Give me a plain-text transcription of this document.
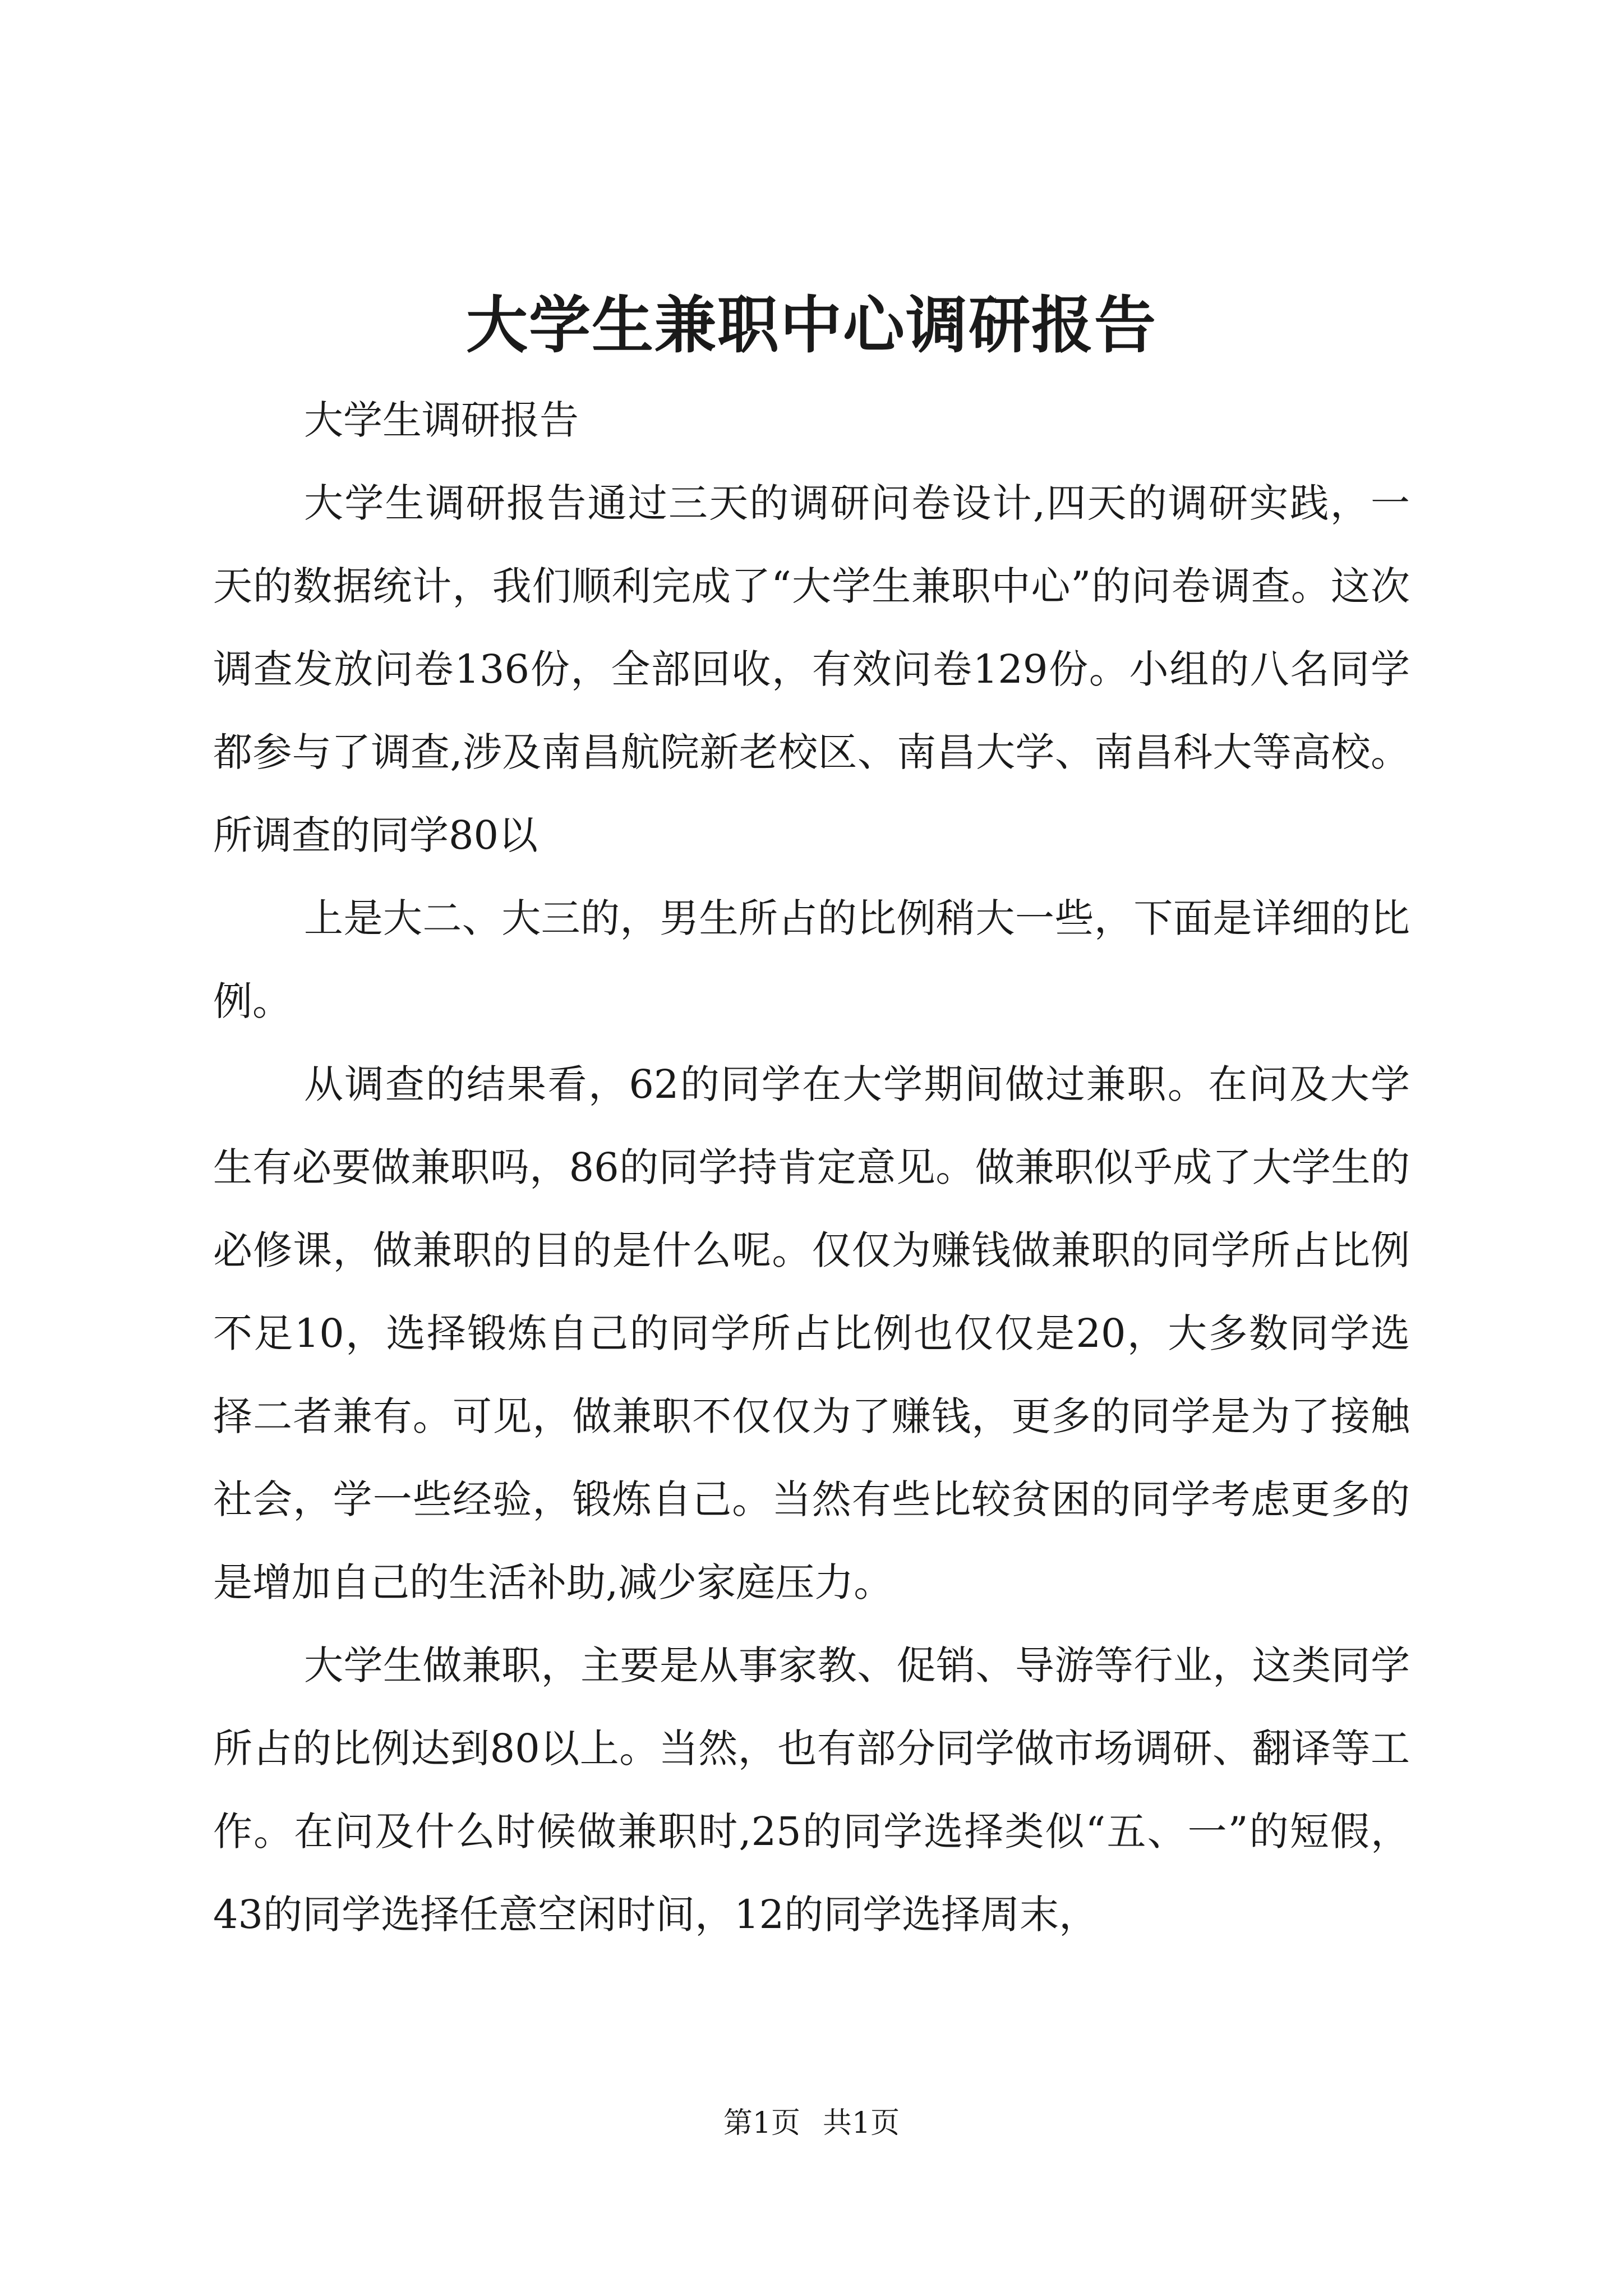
大学生兼职中心调研报告

大学生调研报告

大学生调研报告通过三天的调研问卷设计,四天的调研实践，一天的数据统计，我们顺利完成了“大学生兼职中心”的问卷调查。这次调查发放问卷136份，全部回收，有效问卷129份。小组的八名同学都参与了调查,涉及南昌航院新老校区、南昌大学、南昌科大等高校。所调查的同学80以

上是大二、大三的，男生所占的比例稍大一些，下面是详细的比例。

从调查的结果看，62的同学在大学期间做过兼职。在问及大学生有必要做兼职吗，86的同学持肯定意见。做兼职似乎成了大学生的必修课，做兼职的目的是什么呢。仅仅为赚钱做兼职的同学所占比例不足10，选择锻炼自己的同学所占比例也仅仅是20，大多数同学选择二者兼有。可见，做兼职不仅仅为了赚钱，更多的同学是为了接触社会，学一些经验，锻炼自己。当然有些比较贫困的同学考虑更多的是增加自己的生活补助,减少家庭压力。

大学生做兼职，主要是从事家教、促销、导游等行业，这类同学所占的比例达到80以上。当然，也有部分同学做市场调研、翻译等工作。在问及什么时候做兼职时,25的同学选择类似“五、一”的短假，43的同学选择任意空闲时间，12的同学选择周末，

第1页 共1页
